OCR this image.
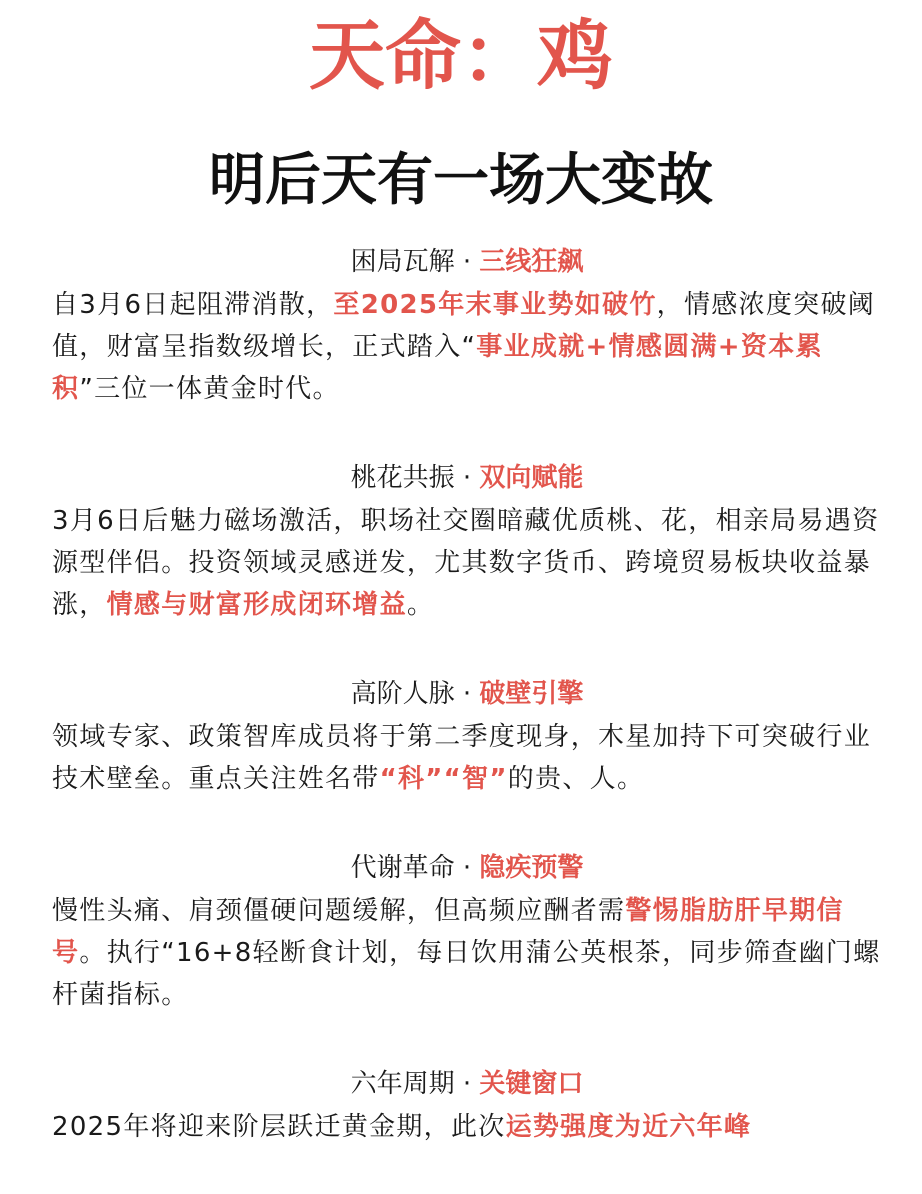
天命：鸡
明后天有一场大变故

困局瓦解 · 三线狂飙

自3月6日起阻滞消散，至2025年末事业势如破竹，情感浓度突破阈值，财富呈指数级增长，正式踏入“事业成就+情感圆满+资本累积”三位一体黄金时代。

桃花共振 · 双向赋能

3月6日后魅力磁场激活，职场社交圈暗藏优质桃、花，相亲局易遇资源型伴侣。投资领域灵感迸发，尤其数字货币、跨境贸易板块收益暴涨，情感与财富形成闭环增益。

高阶人脉 · 破壁引擎

领域专家、政策智库成员将于第二季度现身，木星加持下可突破行业技术壁垒。重点关注姓名带“科”“智”的贵、人。

代谢革命 · 隐疾预警

慢性头痛、肩颈僵硬问题缓解，但高频应酬者需警惕脂肪肝早期信号。执行“16+8轻断食计划，每日饮用蒲公英根茶，同步筛查幽门螺杆菌指标。

六年周期 · 关键窗口

2025年将迎来阶层跃迁黄金期，此次运势强度为近六年峰
